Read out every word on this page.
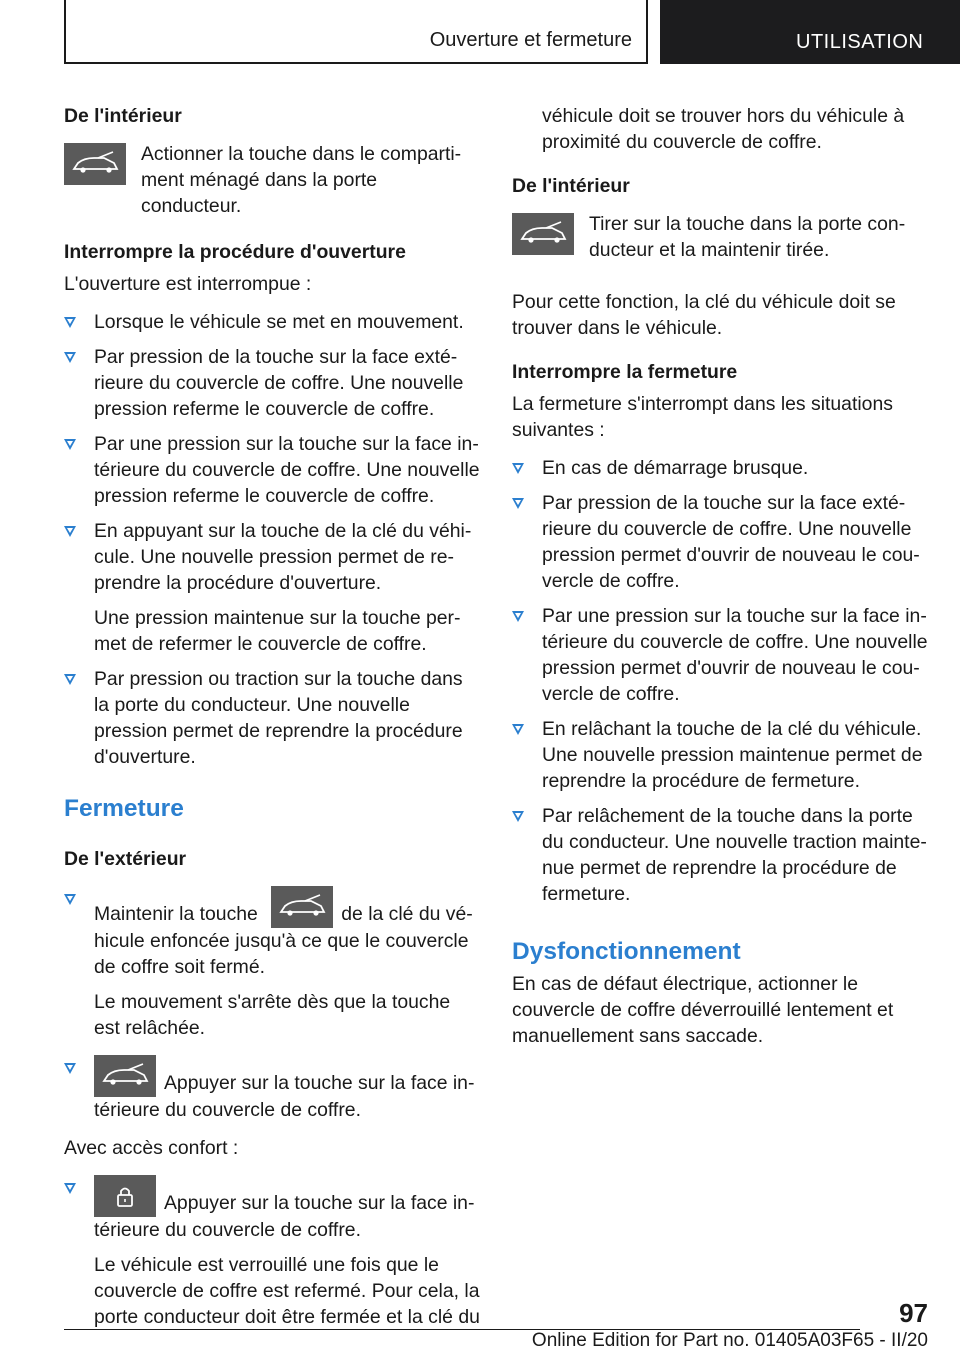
Ouverture et fermeture	UTILISATION

De l'intérieur

Actionner la touche dans le compartiment ménagé dans la porte conducteur.

Interrompre la procédure d'ouverture

L'ouverture est interrompue :

Lorsque le véhicule se met en mouvement.
Par pression de la touche sur la face extérieure du couvercle de coffre. Une nouvelle pression referme le couvercle de coffre.
Par une pression sur la touche sur la face intérieure du couvercle de coffre. Une nouvelle pression referme le couvercle de coffre.
En appuyant sur la touche de la clé du véhicule. Une nouvelle pression permet de reprendre la procédure d'ouverture.
Une pression maintenue sur la touche permet de refermer le couvercle de coffre.
Par pression ou traction sur la touche dans la porte du conducteur. Une nouvelle pression permet de reprendre la procédure d'ouverture.
Fermeture

De l'extérieur

Maintenir la touche	de la clé du véhicule enfoncée jusqu'à ce que le couvercle de coffre soit fermé.
Le mouvement s'arrête dès que la touche est relâchée.
Appuyer sur la touche sur la face intérieure du couvercle de coffre.

Avec accès confort :

Appuyer sur la touche sur la face intérieure du couvercle de coffre.
Le véhicule est verrouillé une fois que le couvercle de coffre est refermé. Pour cela, la porte conducteur doit être fermée et la clé du
véhicule doit se trouver hors du véhicule à proximité du couvercle de coffre.

De l'intérieur

Tirer sur la touche dans la porte conducteur et la maintenir tirée.

Pour cette fonction, la clé du véhicule doit se trouver dans le véhicule.

Interrompre la fermeture

La fermeture s'interrompt dans les situations suivantes :

En cas de démarrage brusque.
Par pression de la touche sur la face extérieure du couvercle de coffre. Une nouvelle pression permet d'ouvrir de nouveau le couvercle de coffre.
Par une pression sur la touche sur la face intérieure du couvercle de coffre. Une nouvelle pression permet d'ouvrir de nouveau le couvercle de coffre.
En relâchant la touche de la clé du véhicule. Une nouvelle pression maintenue permet de reprendre la procédure de fermeture.
Par relâchement de la touche dans la porte du conducteur. Une nouvelle traction maintenue permet de reprendre la procédure de fermeture.
Dysfonctionnement

En cas de défaut électrique, actionner le couvercle de coffre déverrouillé lentement et manuellement sans saccade.

97
Online Edition for Part no. 01405A03F65 - II/20
